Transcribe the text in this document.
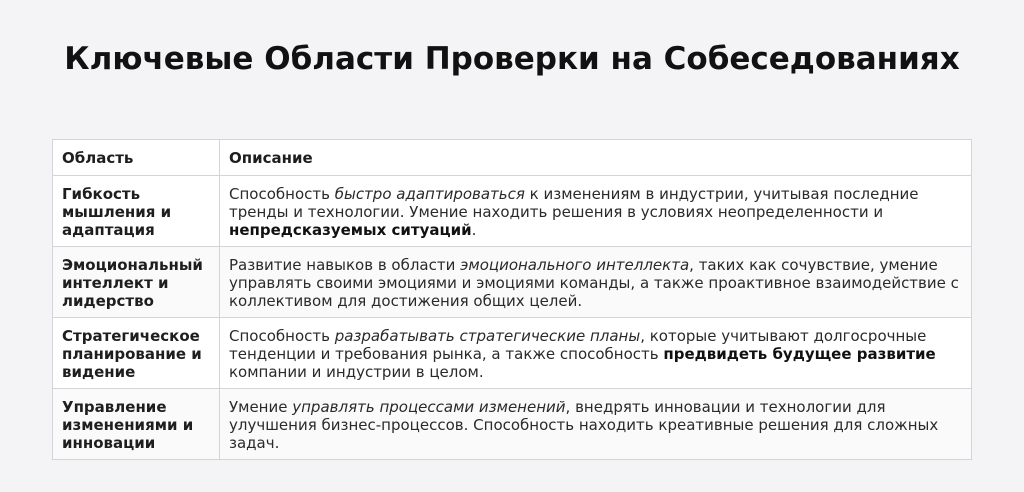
Ключевые Области Проверки на Собеседованиях
Область	Описание
Гибкость мышления и адаптация	Способность быстро адаптироваться к изменениям в индустрии, учитывая последние тренды и технологии. Умение находить решения в условиях неопределенности и непредсказуемых ситуаций.
Эмоциональный интеллект и лидерство	Развитие навыков в области эмоционального интеллекта, таких как сочувствие, умение управлять своими эмоциями и эмоциями команды, а также проактивное взаимодействие с коллективом для достижения общих целей.
Стратегическое планирование и видение	Способность разрабатывать стратегические планы, которые учитывают долгосрочные тенденции и требования рынка, а также способность предвидеть будущее развитие компании и индустрии в целом.
Управление изменениями и инновации	Умение управлять процессами изменений, внедрять инновации и технологии для улучшения бизнес-процессов. Способность находить креативные решения для сложных задач.
